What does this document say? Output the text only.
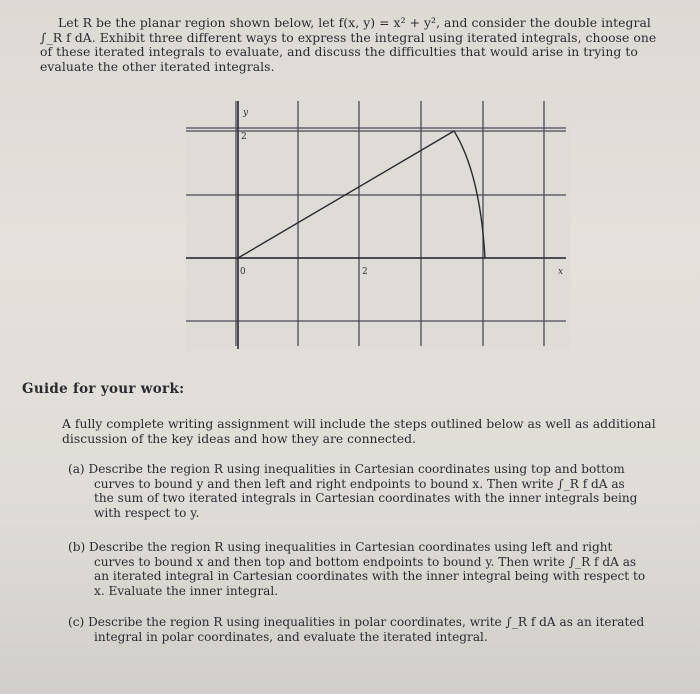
Let R be the planar region shown below, let f(x, y) = x² + y², and consider the double integral
∫_R f dA. Exhibit three different ways to express the integral using iterated integrals, choose one
of these iterated integrals to evaluate, and discuss the difficulties that would arise in trying to
evaluate the other iterated integrals.
y
x
0	2
2
Guide for your work:
A fully complete writing assignment will include the steps outlined below as well as additional
discussion of the key ideas and how they are connected.
(a) Describe the region R using inequalities in Cartesian coordinates using top and bottom
curves to bound y and then left and right endpoints to bound x. Then write ∫_R f dA as
the sum of two iterated integrals in Cartesian coordinates with the inner integrals being
with respect to y.
(b) Describe the region R using inequalities in Cartesian coordinates using left and right
curves to bound x and then top and bottom endpoints to bound y. Then write ∫_R f dA as
an iterated integral in Cartesian coordinates with the inner integral being with respect to
x. Evaluate the inner integral.
(c) Describe the region R using inequalities in polar coordinates, write ∫_R f dA as an iterated
integral in polar coordinates, and evaluate the iterated integral.
